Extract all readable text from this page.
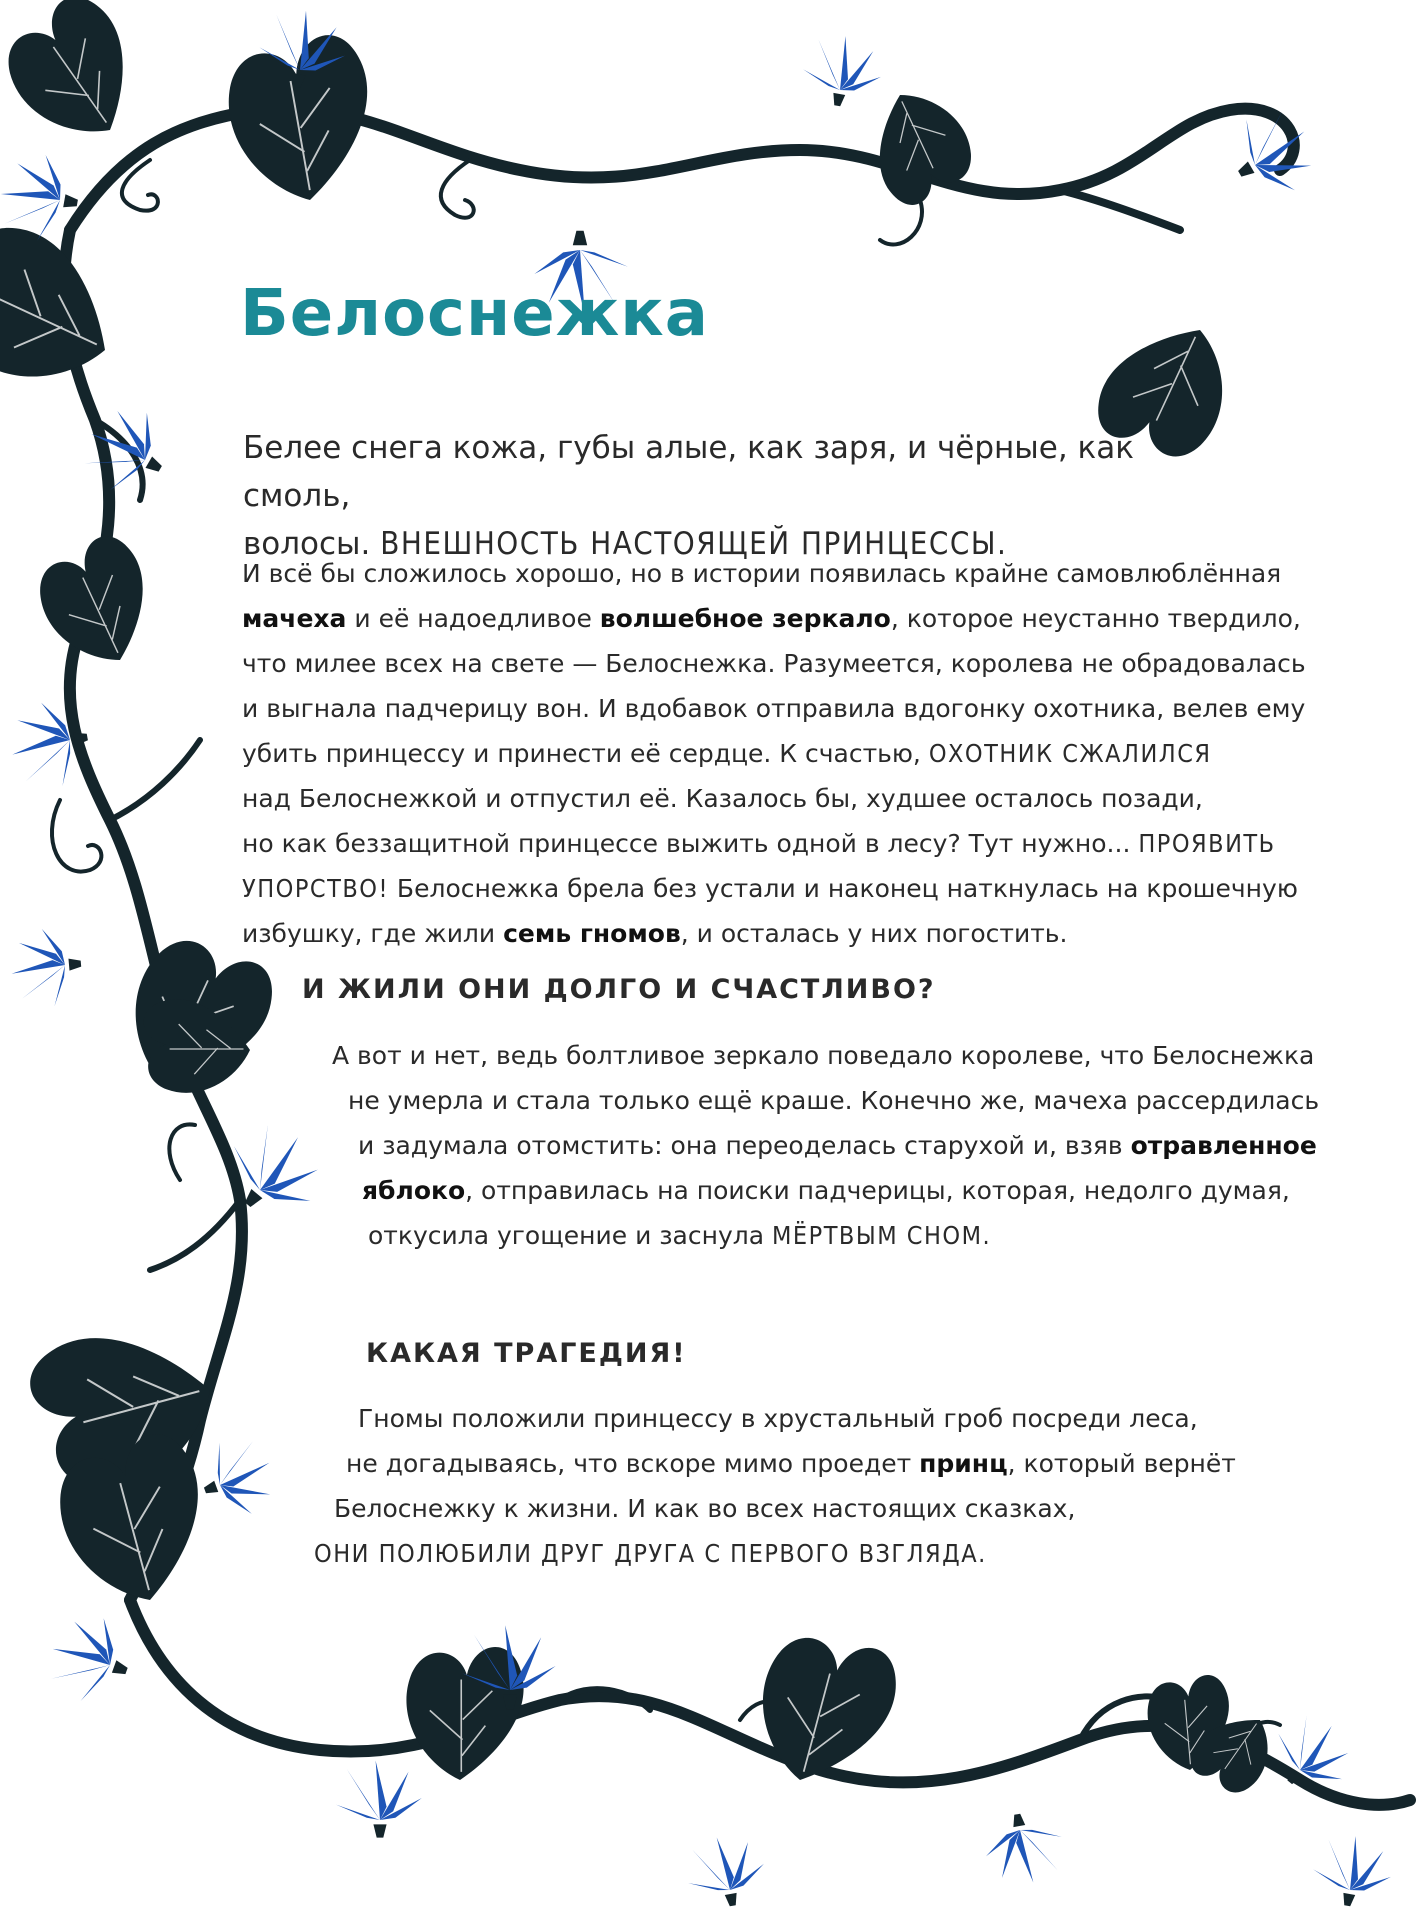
Белоснежка

Белее снега кожа, губы алые, как заря, и чёрные, как смоль,
волосы. ВНЕШНОСТЬ НАСТОЯЩЕЙ ПРИНЦЕССЫ.

И всё бы сложилось хорошо, но в истории появилась крайне самовлюблённая

мачеха и её надоедливое волшебное зеркало, которое неустанно твердило,

что милее всех на свете — Белоснежка. Разумеется, королева не обрадовалась

и выгнала падчерицу вон. И вдобавок отправила вдогонку охотника, велев ему

убить принцессу и принести её сердце. К счастью, ОХОТНИК СЖАЛИЛСЯ

над Белоснежкой и отпустил её. Казалось бы, худшее осталось позади,

но как беззащитной принцессе выжить одной в лесу? Тут нужно... ПРОЯВИТЬ

УПОРСТВО! Белоснежка брела без устали и наконец наткнулась на крошечную

избушку, где жили семь гномов, и осталась у них погостить.

И ЖИЛИ ОНИ ДОЛГО И СЧАСТЛИВО?

А вот и нет, ведь болтливое зеркало поведало королеве, что Белоснежка

не умерла и стала только ещё краше. Конечно же, мачеха рассердилась

и задумала отомстить: она переоделась старухой и, взяв отравленное

яблоко, отправилась на поиски падчерицы, которая, недолго думая,

откусила угощение и заснула МЁРТВЫМ СНОМ.

КАКАЯ ТРАГЕДИЯ!

Гномы положили принцессу в хрустальный гроб посреди леса,

не догадываясь, что вскоре мимо проедет принц, который вернёт

Белоснежку к жизни. И как во всех настоящих сказках,

ОНИ ПОЛЮБИЛИ ДРУГ ДРУГА С ПЕРВОГО ВЗГЛЯДА.
